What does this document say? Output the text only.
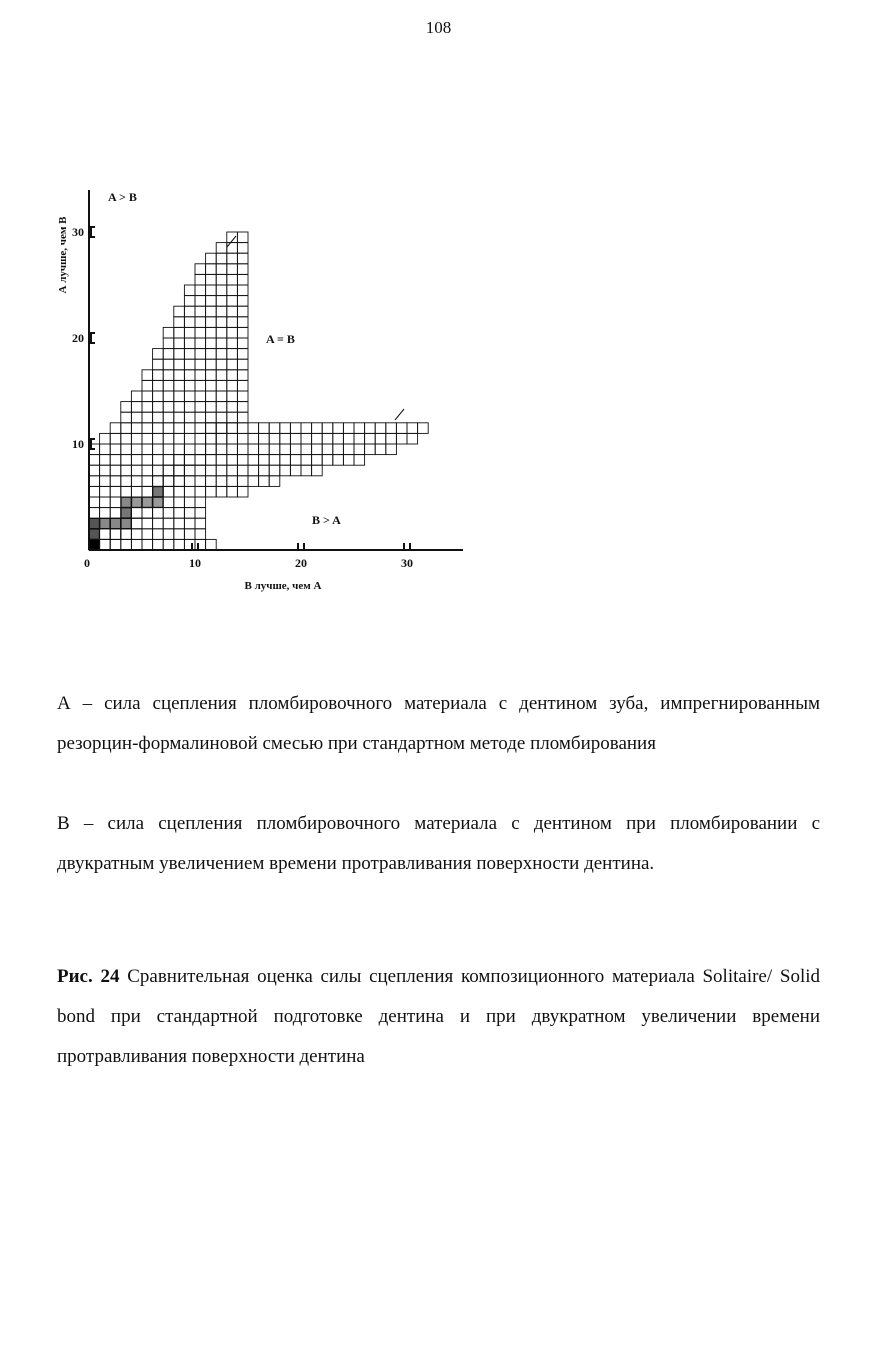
108
0	10	20	30
10
20
30
A > B
A = B
B > A
В лучше, чем А
А лучше, чем В

А – сила сцепления пломбировочного материала с дентином зуба, импрегнированным резорцин-формалиновой смесью при стандартном методе пломбирования

В – сила сцепления пломбировочного материала с дентином при пломбировании с двукратным увеличением времени протравливания поверхности дентина.

Рис. 24 Сравнительная оценка силы сцепления композиционного материала Solitaire/ Solid bond при стандартной подготовке дентина и при двукратном увеличении времени протравливания поверхности дентина
